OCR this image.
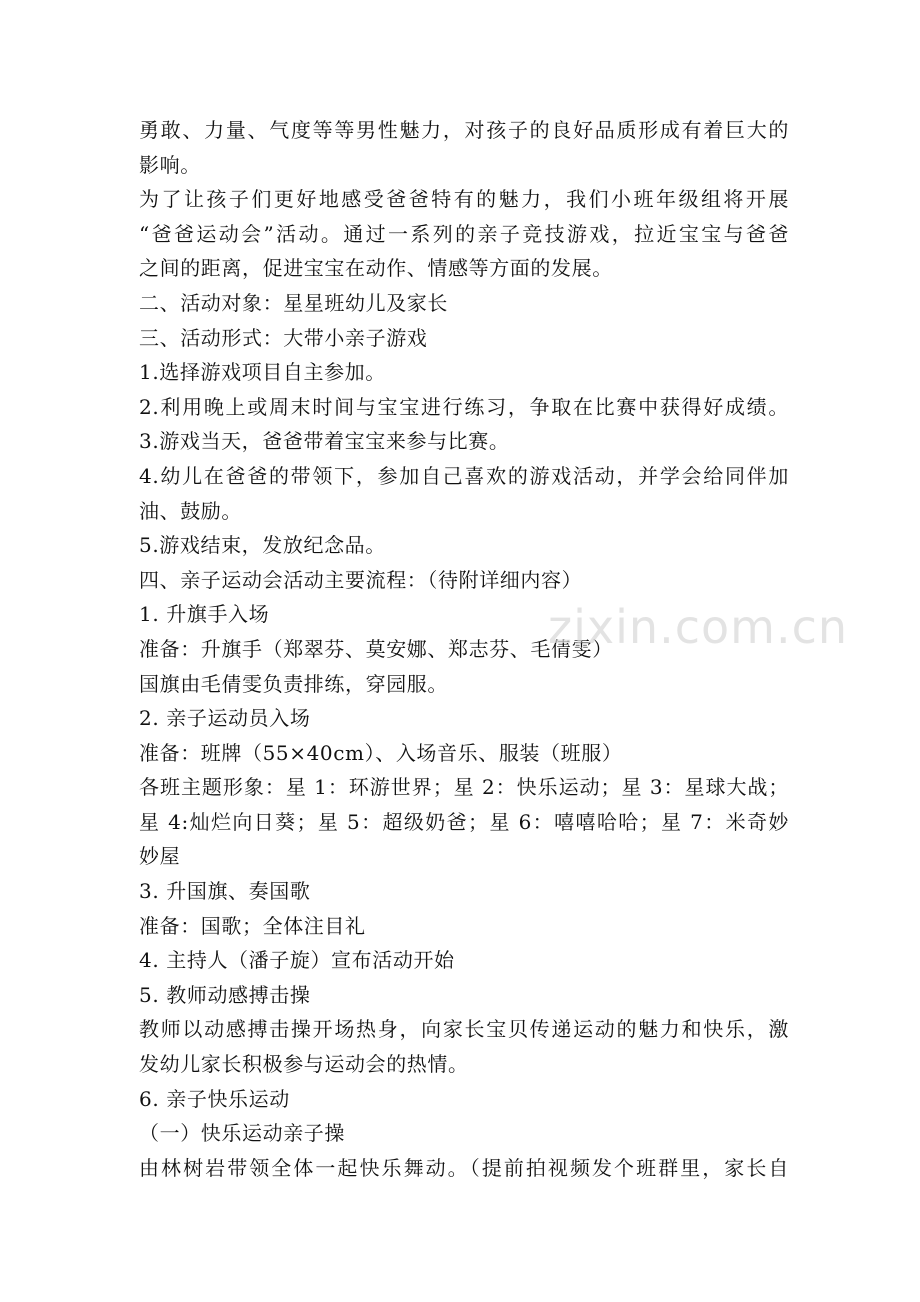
勇敢、力量、气度等等男性魅力，对孩子的良好品质形成有着巨大的
影响。
为了让孩子们更好地感受爸爸特有的魅力，我们小班年级组将开展
“爸爸运动会”活动。通过一系列的亲子竞技游戏，拉近宝宝与爸爸
之间的距离，促进宝宝在动作、情感等方面的发展。
二、活动对象：星星班幼儿及家长
三、活动形式：大带小亲子游戏
1.选择游戏项目自主参加。
2.利用晚上或周末时间与宝宝进行练习，争取在比赛中获得好成绩。
3.游戏当天，爸爸带着宝宝来参与比赛。
4.幼儿在爸爸的带领下，参加自己喜欢的游戏活动，并学会给同伴加
油、鼓励。
5.游戏结束，发放纪念品。
四、亲子运动会活动主要流程：（待附详细内容）
1. 升旗手入场
准备：升旗手（郑翠芬、莫安娜、郑志芬、毛倩雯）
国旗由毛倩雯负责排练，穿园服。
2. 亲子运动员入场
准备：班牌（55×40cm）、入场音乐、服装（班服）
各班主题形象：星 1：环游世界；星 2：快乐运动；星 3：星球大战；
星 4:灿烂向日葵；星 5：超级奶爸；星 6：嘻嘻哈哈；星 7：米奇妙
妙屋
3. 升国旗、奏国歌
准备：国歌；全体注目礼
4. 主持人（潘子旋）宣布活动开始
5. 教师动感搏击操
教师以动感搏击操开场热身，向家长宝贝传递运动的魅力和快乐，激
发幼儿家长积极参与运动会的热情。
6. 亲子快乐运动
（一）快乐运动亲子操
由林树岩带领全体一起快乐舞动。（提前拍视频发个班群里，家长自
zixin.com.cn
